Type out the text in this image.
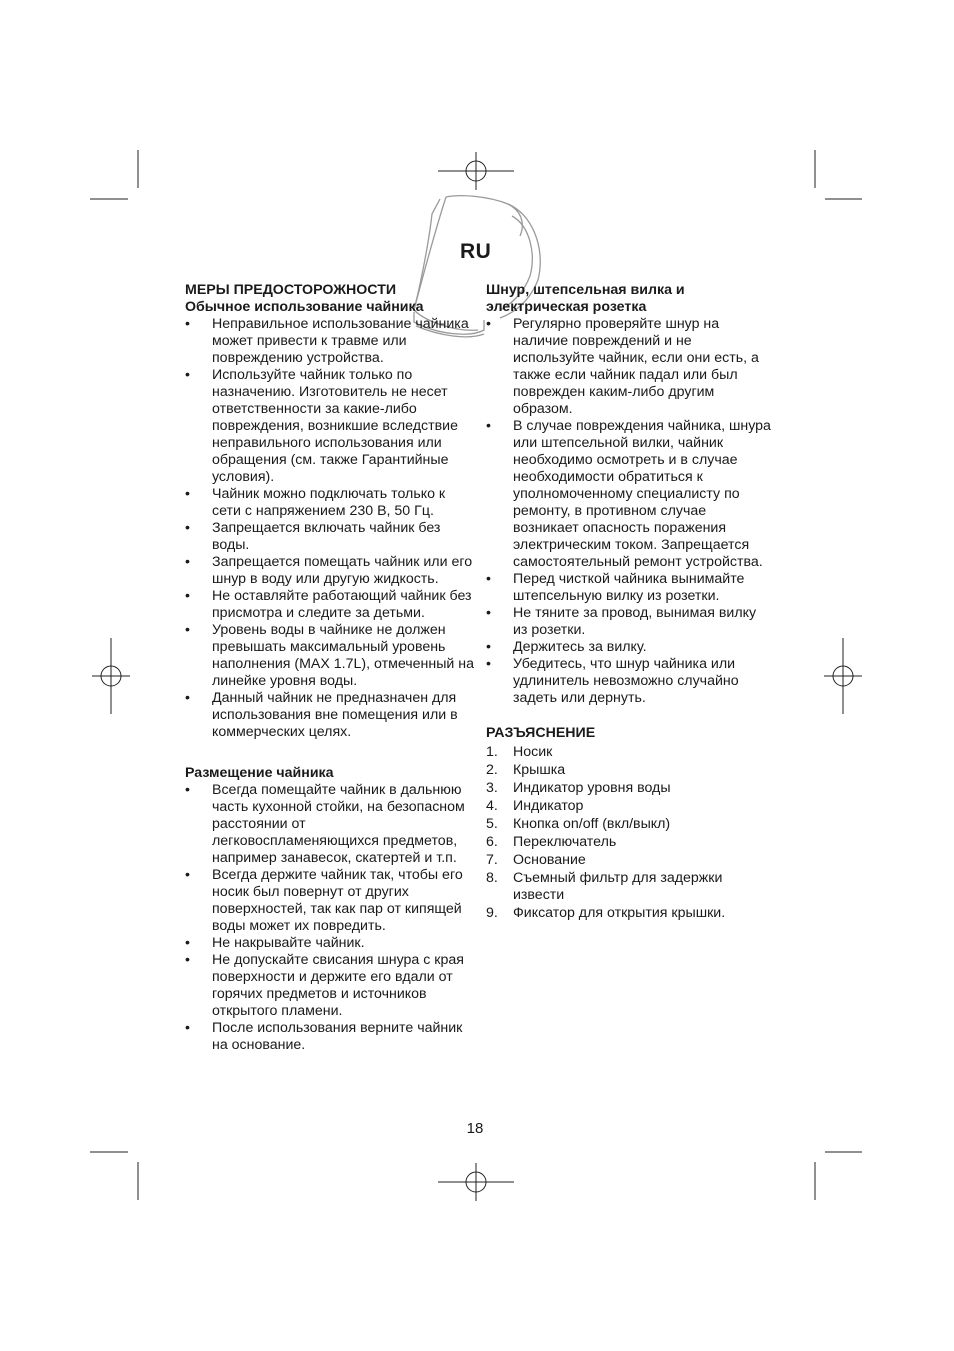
RU
МЕРЫ ПРЕДОСТОРОЖНОСТИ
Обычное использование чайника
•	Неправильное использование чайника может привести к травме или повреждению устройства.
•	Используйте чайник только по назначению. Изготовитель не несет ответственности за какие-либо повреждения, возникшие вследствие неправильного использования или обращения (см. также Гарантийные условия).
•	Чайник можно подключать только к сети с напряжением 230 В, 50 Гц.
•	Запрещается включать чайник без воды.
•	Запрещается помещать чайник или его шнур в воду или другую жидкость.
•	Не оставляйте работающий чайник без присмотра и следите за детьми.
•	Уровень воды в чайнике не должен превышать максимальный уровень наполнения (MAX 1.7L), отмеченный на линейке уровня воды.
•	Данный чайник не предназначен для использования вне помещения или в коммерческих целях.
Размещение чайника
•	Всегда помещайте чайник в дальнюю часть кухонной стойки, на безопасном расстоянии от легковоспламеняющихся предметов, например занавесок, скатертей и т.п.
•	Всегда держите чайник так, чтобы его носик был повернут от других поверхностей, так как пар от кипящей воды может их повредить.
•	Не накрывайте чайник.
•	Не допускайте свисания шнура с края поверхности и держите его вдали от горячих предметов и источников открытого пламени.
•	После использования верните чайник на основание.
Шнур, штепсельная вилка и
электрическая розетка
•	Регулярно проверяйте шнур на наличие повреждений и не используйте чайник, если они есть, а также если чайник падал или был поврежден каким-либо другим образом.
•	В случае повреждения чайника, шнура или штепсельной вилки, чайник необходимо осмотреть и в случае необходимости обратиться к уполномоченному специалисту по ремонту, в противном случае возникает опасность поражения электрическим током. Запрещается самостоятельный ремонт устройства.
•	Перед чисткой чайника вынимайте штепсельную вилку из розетки.
•	Не тяните за провод, вынимая вилку из розетки.
•	Держитесь за вилку.
•	Убедитесь, что шнур чайника или удлинитель невозможно случайно задеть или дернуть.
РАЗЪЯСНЕНИЕ
1.	Носик
2.	Крышка
3.	Индикатор уровня воды
4.	Индикатор
5.	Кнопка on/off (вкл/выкл)
6.	Переключатель
7.	Основание
8.	Съемный фильтр для задержки извести
9.	Фиксатор для открытия крышки.
18
